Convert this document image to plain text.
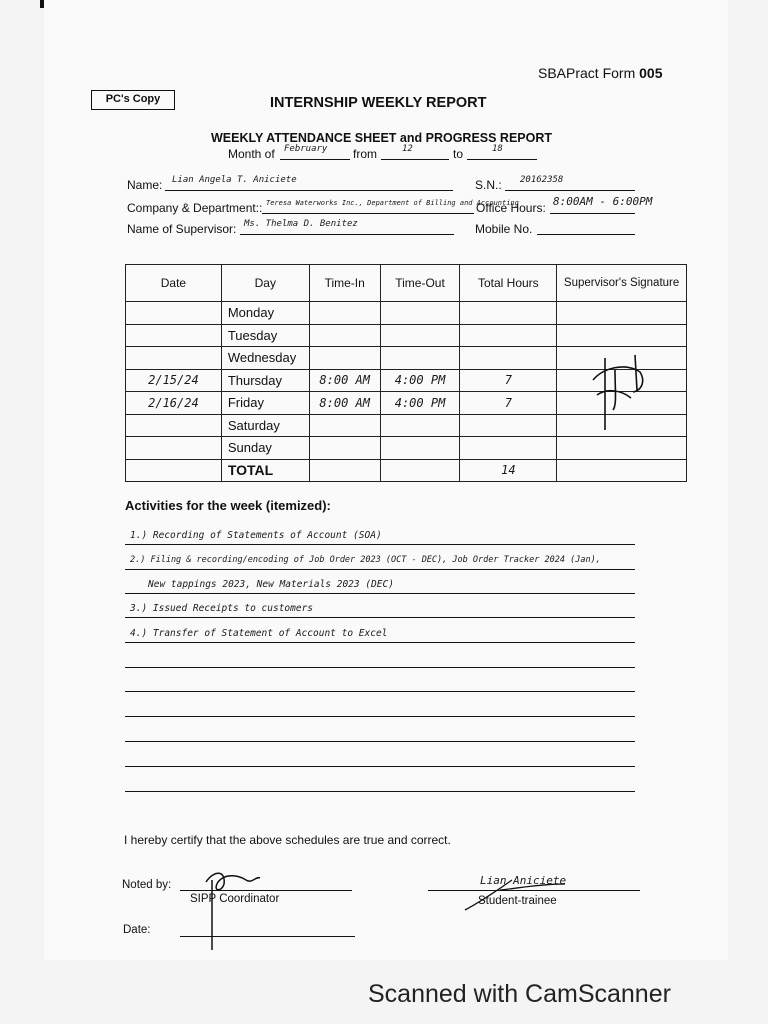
SBAPract Form 005
PC's Copy	INTERNSHIP WEEKLY REPORT
WEEKLY ATTENDANCE SHEET and PROGRESS REPORT
Month of February from	12	to	18
Name: Lian Angela T. Aniciete	S.N.: 20162358
Company & Department:: Teresa Waterworks Inc., Department of Billing and Accounting
Office Hours: 8:00AM - 6:00PM
Name of Supervisor: Ms. Thelma D. Benitez	Mobile No.
Date	Day	Time-In	Time-Out	Total Hours	Supervisor's Signature
	Monday				
	Tuesday				
	Wednesday				
2/15/24	Thursday	8:00 AM	4:00 PM	7	
2/16/24	Friday	8:00 AM	4:00 PM	7	
	Saturday				
	Sunday				
	TOTAL			14	
Activities for the week (itemized):
1.) Recording of Statements of Account (SOA)
2.) Filing & recording/encoding of Job Order 2023 (OCT - DEC), Job Order Tracker 2024 (Jan),
New tappings 2023, New Materials 2023 (DEC)
3.) Issued Receipts to customers
4.) Transfer of Statement of Account to Excel
I hereby certify that the above schedules are true and correct.
Noted by:
SIPP Coordinator	Student-trainee
Lian Aniciete
Date:
Scanned with CamScanner
